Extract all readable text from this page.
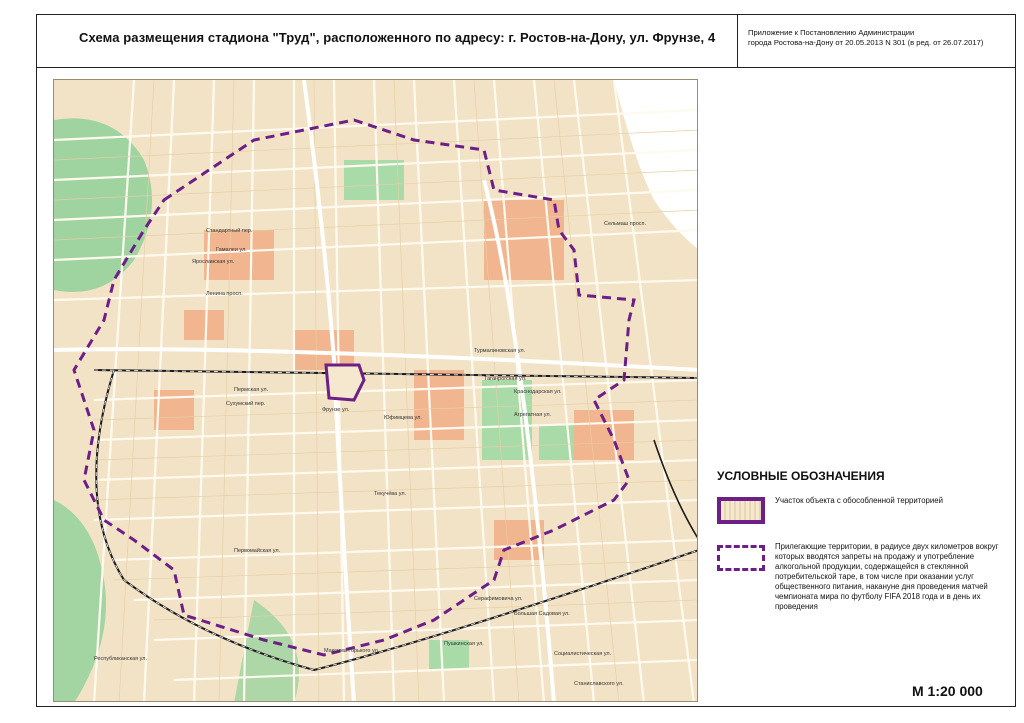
Схема размещения стадиона "Труд", расположенного по адресу: г. Ростов-на-Дону, ул. Фрунзе, 4	Приложение к Постановлению Администрации
города Ростова-на-Дону от 20.05.2013 N 301 (в ред. от 26.07.2017)
Стандартный пер.
Ярославская ул.
Гамалеи ул.
Ленина просп.
Турмалиновская ул.
Фрунзе ул.
Краснодарская ул.
Агрегатная ул.
Пермская ул.
Сухумский пер.
Юфимцева ул.
Таганрогская ул.
Текучёва ул.
Первомайская ул.
Республиканская ул.
Максима Горького ул.
Пушкинская ул.
Большая Садовая ул.
Социалистическая ул.
Станиславского ул.
Серафимовича ул.
Сельмаш просп.
УСЛОВНЫЕ ОБОЗНАЧЕНИЯ
Участок объекта с обособленной территорией
Прилегающие территории, в радиусе двух километров вокруг которых вводятся запреты на продажу и употребление алкогольной продукции, содержащейся в стеклянной потребительской таре, в том числе при оказании услуг общественного питания, накануне дня проведения матчей чемпионата мира по футболу FIFA 2018 года и в день их проведения
М 1:20 000
